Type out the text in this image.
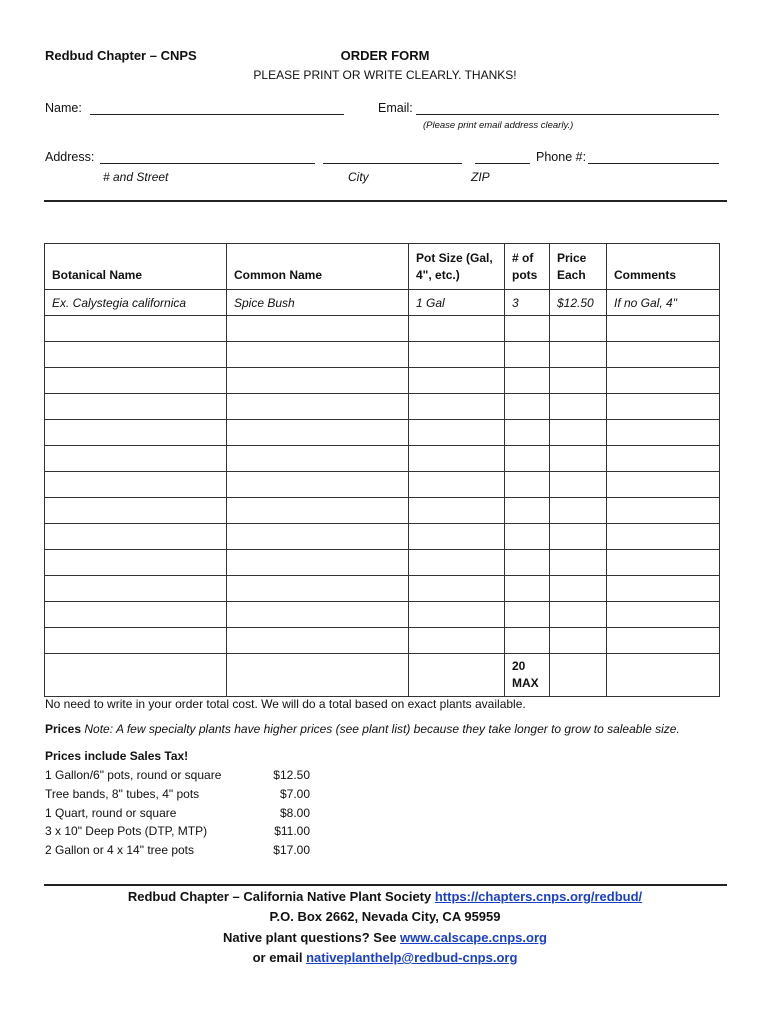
Redbud Chapter – CNPS	ORDER FORM
PLEASE PRINT OR WRITE CLEARLY. THANKS!
Name:	Email:
(Please print email address clearly.)
Address:	Phone #:
# and Street	City	ZIP
Botanical Name	Common Name	Pot Size (Gal, 4", etc.)	# of pots	Price Each	Comments
Ex. Calystegia californica	Spice Bush	1 Gal	3	$12.50	If no Gal, 4"

			20 MAX		
No need to write in your order total cost. We will do a total based on exact plants available.
Prices Note: A few specialty plants have higher prices (see plant list) because they take longer to grow to saleable size.
Prices include Sales Tax!
1 Gallon/6" pots, round or square	$12.50
Tree bands, 8" tubes, 4" pots	$7.00
1 Quart, round or square	$8.00
3 x 10" Deep Pots (DTP, MTP)	$11.00
2 Gallon or 4 x 14" tree pots	$17.00
Redbud Chapter – California Native Plant Society https://chapters.cnps.org/redbud/
P.O. Box 2662, Nevada City, CA 95959
Native plant questions? See www.calscape.cnps.org
or email nativeplanthelp@redbud-cnps.org
